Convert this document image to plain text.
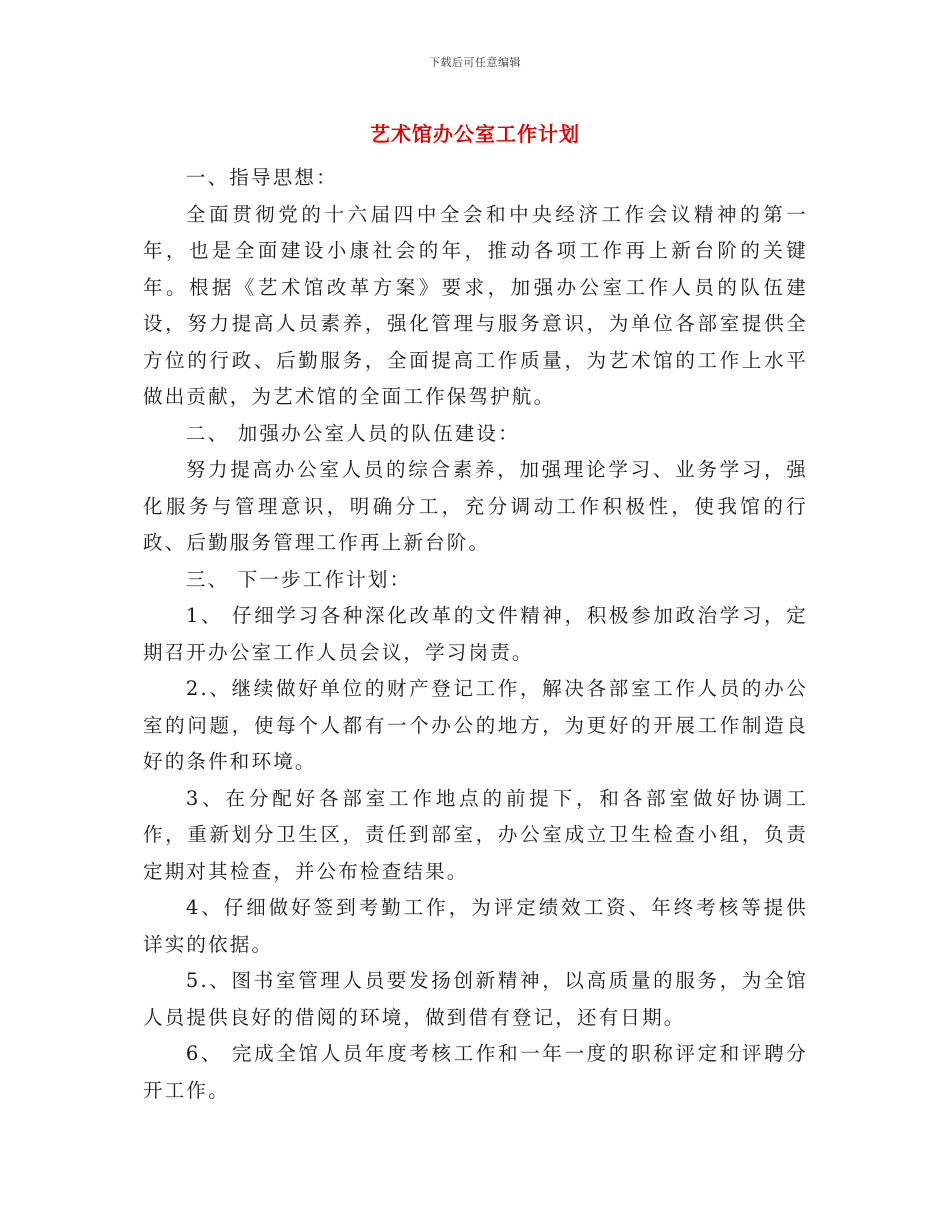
下载后可任意编辑
艺术馆办公室工作计划

一、指导思想：

全面贯彻党的十六届四中全会和中央经济工作会议精神的第一年，也是全面建设小康社会的年，推动各项工作再上新台阶的关键年。根据《艺术馆改革方案》要求，加强办公室工作人员的队伍建设，努力提高人员素养，强化管理与服务意识，为单位各部室提供全方位的行政、后勤服务，全面提高工作质量，为艺术馆的工作上水平做出贡献，为艺术馆的全面工作保驾护航。

二、 加强办公室人员的队伍建设：

努力提高办公室人员的综合素养，加强理论学习、业务学习，强化服务与管理意识，明确分工，充分调动工作积极性，使我馆的行政、后勤服务管理工作再上新台阶。

三、 下一步工作计划：

1、 仔细学习各种深化改革的文件精神，积极参加政治学习，定期召开办公室工作人员会议，学习岗责。

2.、继续做好单位的财产登记工作，解决各部室工作人员的办公室的问题，使每个人都有一个办公的地方，为更好的开展工作制造良好的条件和环境。

3、在分配好各部室工作地点的前提下，和各部室做好协调工作，重新划分卫生区，责任到部室，办公室成立卫生检查小组，负责定期对其检查，并公布检查结果。

4、仔细做好签到考勤工作，为评定绩效工资、年终考核等提供详实的依据。

5.、图书室管理人员要发扬创新精神，以高质量的服务，为全馆人员提供良好的借阅的环境，做到借有登记，还有日期。

6、 完成全馆人员年度考核工作和一年一度的职称评定和评聘分开工作。
